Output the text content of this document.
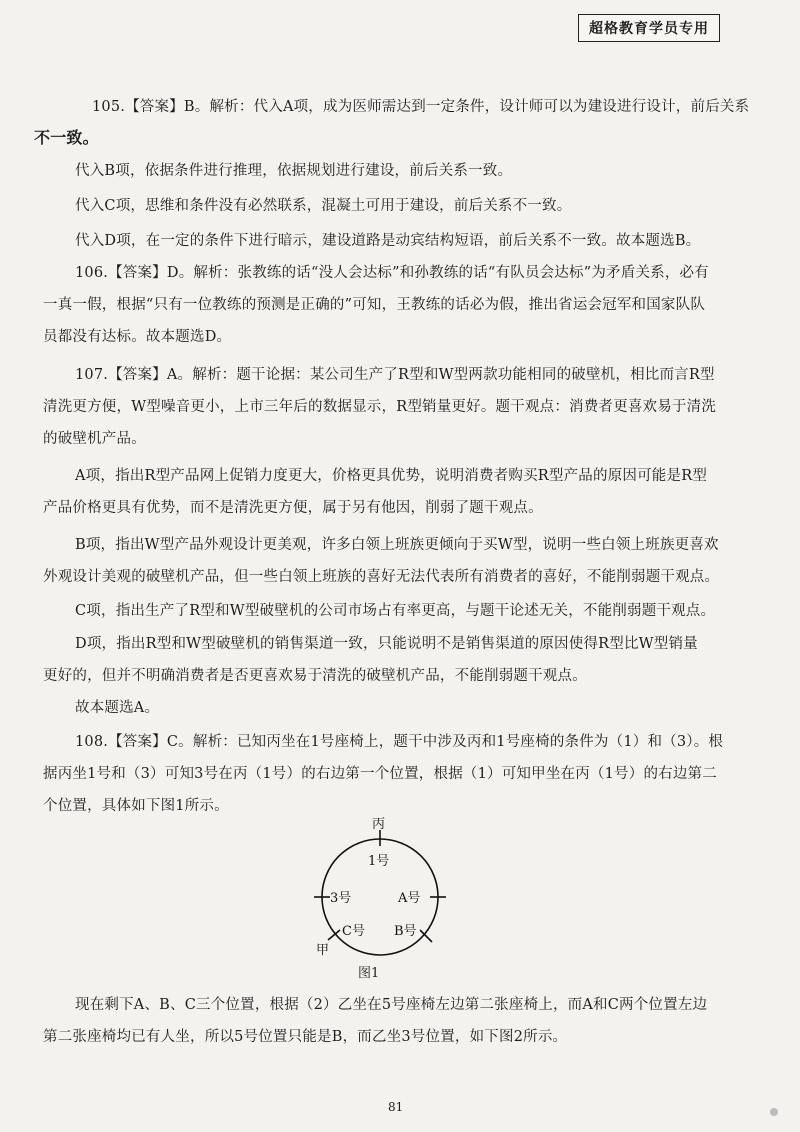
超格教育学员专用
105.【答案】B。解析：代入A项，成为医师需达到一定条件，设计师可以为建设进行设计，前后关系
不一致。
代入B项，依据条件进行推理，依据规划进行建设，前后关系一致。
代入C项，思维和条件没有必然联系，混凝土可用于建设，前后关系不一致。
代入D项，在一定的条件下进行暗示，建设道路是动宾结构短语，前后关系不一致。故本题选B。
106.【答案】D。解析：张教练的话“没人会达标”和孙教练的话“有队员会达标”为矛盾关系，必有
一真一假，根据“只有一位教练的预测是正确的”可知，王教练的话必为假，推出省运会冠军和国家队队
员都没有达标。故本题选D。
107.【答案】A。解析：题干论据：某公司生产了R型和W型两款功能相同的破壁机，相比而言R型
清洗更方便，W型噪音更小，上市三年后的数据显示，R型销量更好。题干观点：消费者更喜欢易于清洗
的破壁机产品。
A项，指出R型产品网上促销力度更大，价格更具优势，说明消费者购买R型产品的原因可能是R型
产品价格更具有优势，而不是清洗更方便，属于另有他因，削弱了题干观点。
B项，指出W型产品外观设计更美观，许多白领上班族更倾向于买W型，说明一些白领上班族更喜欢
外观设计美观的破壁机产品，但一些白领上班族的喜好无法代表所有消费者的喜好，不能削弱题干观点。
C项，指出生产了R型和W型破壁机的公司市场占有率更高，与题干论述无关，不能削弱题干观点。
D项，指出R型和W型破壁机的销售渠道一致，只能说明不是销售渠道的原因使得R型比W型销量
更好的，但并不明确消费者是否更喜欢易于清洗的破壁机产品，不能削弱题干观点。
故本题选A。
108.【答案】C。解析：已知丙坐在1号座椅上，题干中涉及丙和1号座椅的条件为（1）和（3）。根
据丙坐1号和（3）可知3号在丙（1号）的右边第一个位置，根据（1）可知甲坐在丙（1号）的右边第二
个位置，具体如下图1所示。
丙
1号
3号	A号
C号 B号
甲
图1
现在剩下A、B、C三个位置，根据（2）乙坐在5号座椅左边第二张座椅上，而A和C两个位置左边
第二张座椅均已有人坐，所以5号位置只能是B，而乙坐3号位置，如下图2所示。
81
